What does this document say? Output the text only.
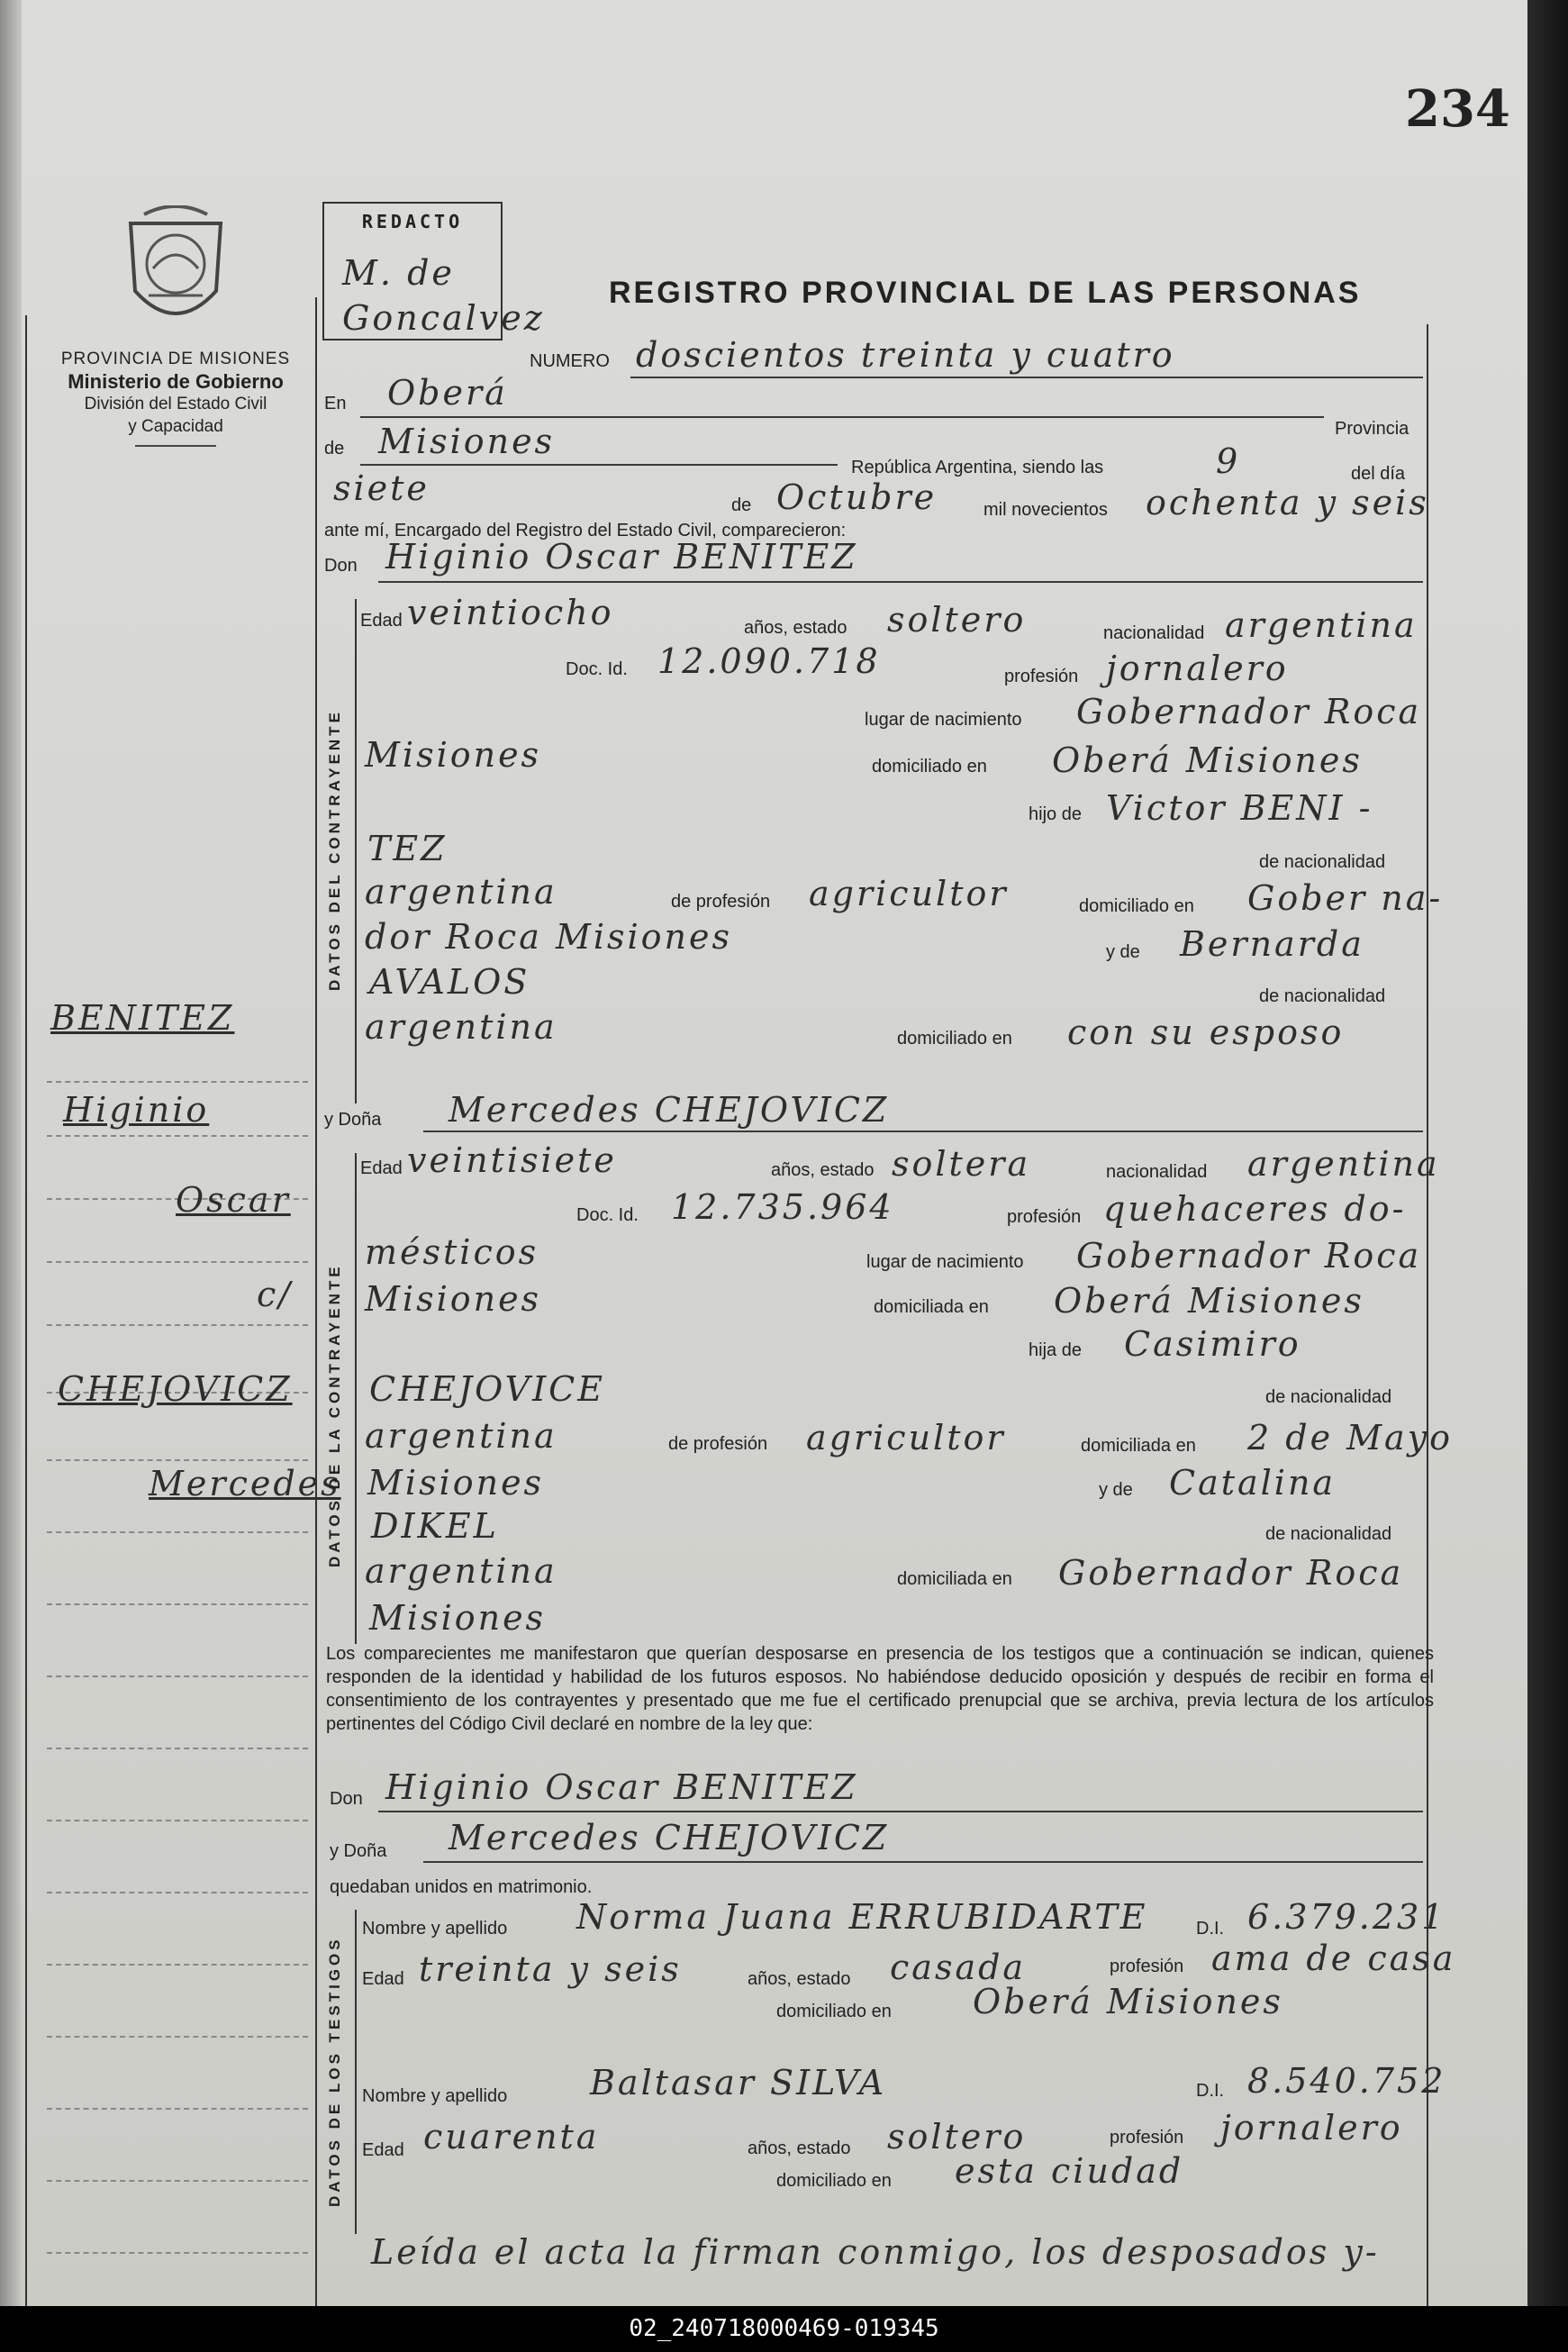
234
PROVINCIA DE MISIONES
Ministerio de Gobierno
División del Estado Civil
y Capacidad
REDACTO
M. de
Goncalvez
REGISTRO PROVINCIAL DE LAS PERSONAS
BENITEZ
Higinio
Oscar
c/
CHEJOVICZ
Mercedes
NUMERO doscientos treinta y cuatro
En Oberá
Provincia
de Misiones
República Argentina, siendo las	9	del día
siete	de Octubre	mil novecientos ochenta y seis
ante mí, Encargado del Registro del Estado Civil, comparecieron:
Don Higinio Oscar BENITEZ
DATOS DEL CONTRAYENTE
Edad veintiocho	años, estado soltero	nacionalidad argentina
Doc. Id. 12.090.718	profesión jornalero
lugar de nacimiento Gobernador Roca
Misiones	domiciliado en Oberá Misiones
hijo de Victor BENI -
TEZ	de nacionalidad
argentina	de profesión agricultor	domiciliado en Gober na-
dor Roca Misiones	y de Bernarda
AVALOS	de nacionalidad
argentina	domiciliado en con su esposo
y Doña Mercedes CHEJOVICZ
DATOS DE LA CONTRAYENTE
Edad veintisiete	años, estado soltera	nacionalidad argentina
Doc. Id. 12.735.964	profesión quehaceres do-
mésticos	lugar de nacimiento Gobernador Roca
Misiones	domiciliada en Oberá Misiones
hija de Casimiro
CHEJOVICE	de nacionalidad
argentina	de profesión agricultor	domiciliada en 2 de Mayo
Misiones	y de Catalina
DIKEL	de nacionalidad
argentina	domiciliada en Gobernador Roca
Misiones
Los comparecientes me manifestaron que querían desposarse en presencia de los testigos que a continuación se indican, quienes responden de la identidad y habilidad de los futuros esposos. No habiéndose deducido oposición y después de recibir en forma el consentimiento de los contrayentes y presentado que me fue el certificado prenupcial que se archiva, previa lectura de los artículos pertinentes del Código Civil declaré en nombre de la ley que:
Don Higinio Oscar BENITEZ
y Doña Mercedes CHEJOVICZ
quedaban unidos en matrimonio.
DATOS DE LOS TESTIGOS
Nombre y apellido Norma Juana ERRUBIDARTE	D.I. 6.379.231
Edad treinta y seis	años, estado casada	profesión ama de casa
domiciliado en Oberá Misiones
Nombre y apellido Baltasar SILVA	D.I. 8.540.752
Edad cuarenta	años, estado soltero	profesión jornalero
domiciliado en esta ciudad
Leída el acta la firman conmigo, los desposados y-
02_240718000469-019345
